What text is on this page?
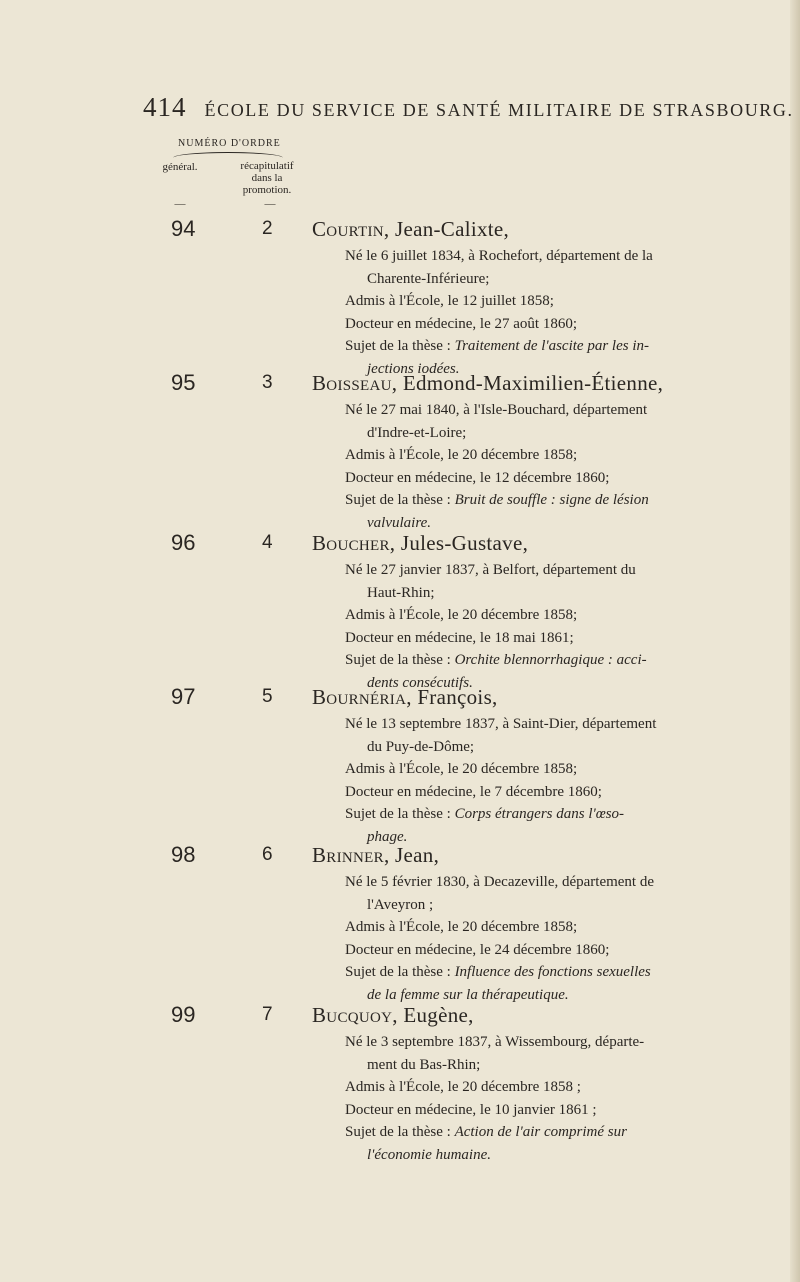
414 ÉCOLE DU SERVICE DE SANTÉ MILITAIRE DE STRASBOURG.
NUMÉRO D'ORDRE
général.	récapitulatif
dans la
promotion.
—	—
94	2 Courtin, Jean-Calixte,
Né le 6 juillet 1834, à Rochefort, département de la
Charente-Inférieure;
Admis à l'École, le 12 juillet 1858;
Docteur en médecine, le 27 août 1860;
Sujet de la thèse : Traitement de l'ascite par les in-
jections iodées.
95	3 Boisseau, Edmond-Maximilien-Étienne,
Né le 27 mai 1840, à l'Isle-Bouchard, département
d'Indre-et-Loire;
Admis à l'École, le 20 décembre 1858;
Docteur en médecine, le 12 décembre 1860;
Sujet de la thèse : Bruit de souffle : signe de lésion
valvulaire.
96	4 Boucher, Jules-Gustave,
Né le 27 janvier 1837, à Belfort, département du
Haut-Rhin;
Admis à l'École, le 20 décembre 1858;
Docteur en médecine, le 18 mai 1861;
Sujet de la thèse : Orchite blennorrhagique : acci-
dents consécutifs.
97	5 Bournéria, François,
Né le 13 septembre 1837, à Saint-Dier, département
du Puy-de-Dôme;
Admis à l'École, le 20 décembre 1858;
Docteur en médecine, le 7 décembre 1860;
Sujet de la thèse : Corps étrangers dans l'œso-
phage.
98	6 Brinner, Jean,
Né le 5 février 1830, à Decazeville, département de
l'Aveyron ;
Admis à l'École, le 20 décembre 1858;
Docteur en médecine, le 24 décembre 1860;
Sujet de la thèse : Influence des fonctions sexuelles
de la femme sur la thérapeutique.
99	7 Bucquoy, Eugène,
Né le 3 septembre 1837, à Wissembourg, départe-
ment du Bas-Rhin;
Admis à l'École, le 20 décembre 1858 ;
Docteur en médecine, le 10 janvier 1861 ;
Sujet de la thèse : Action de l'air comprimé sur
l'économie humaine.
